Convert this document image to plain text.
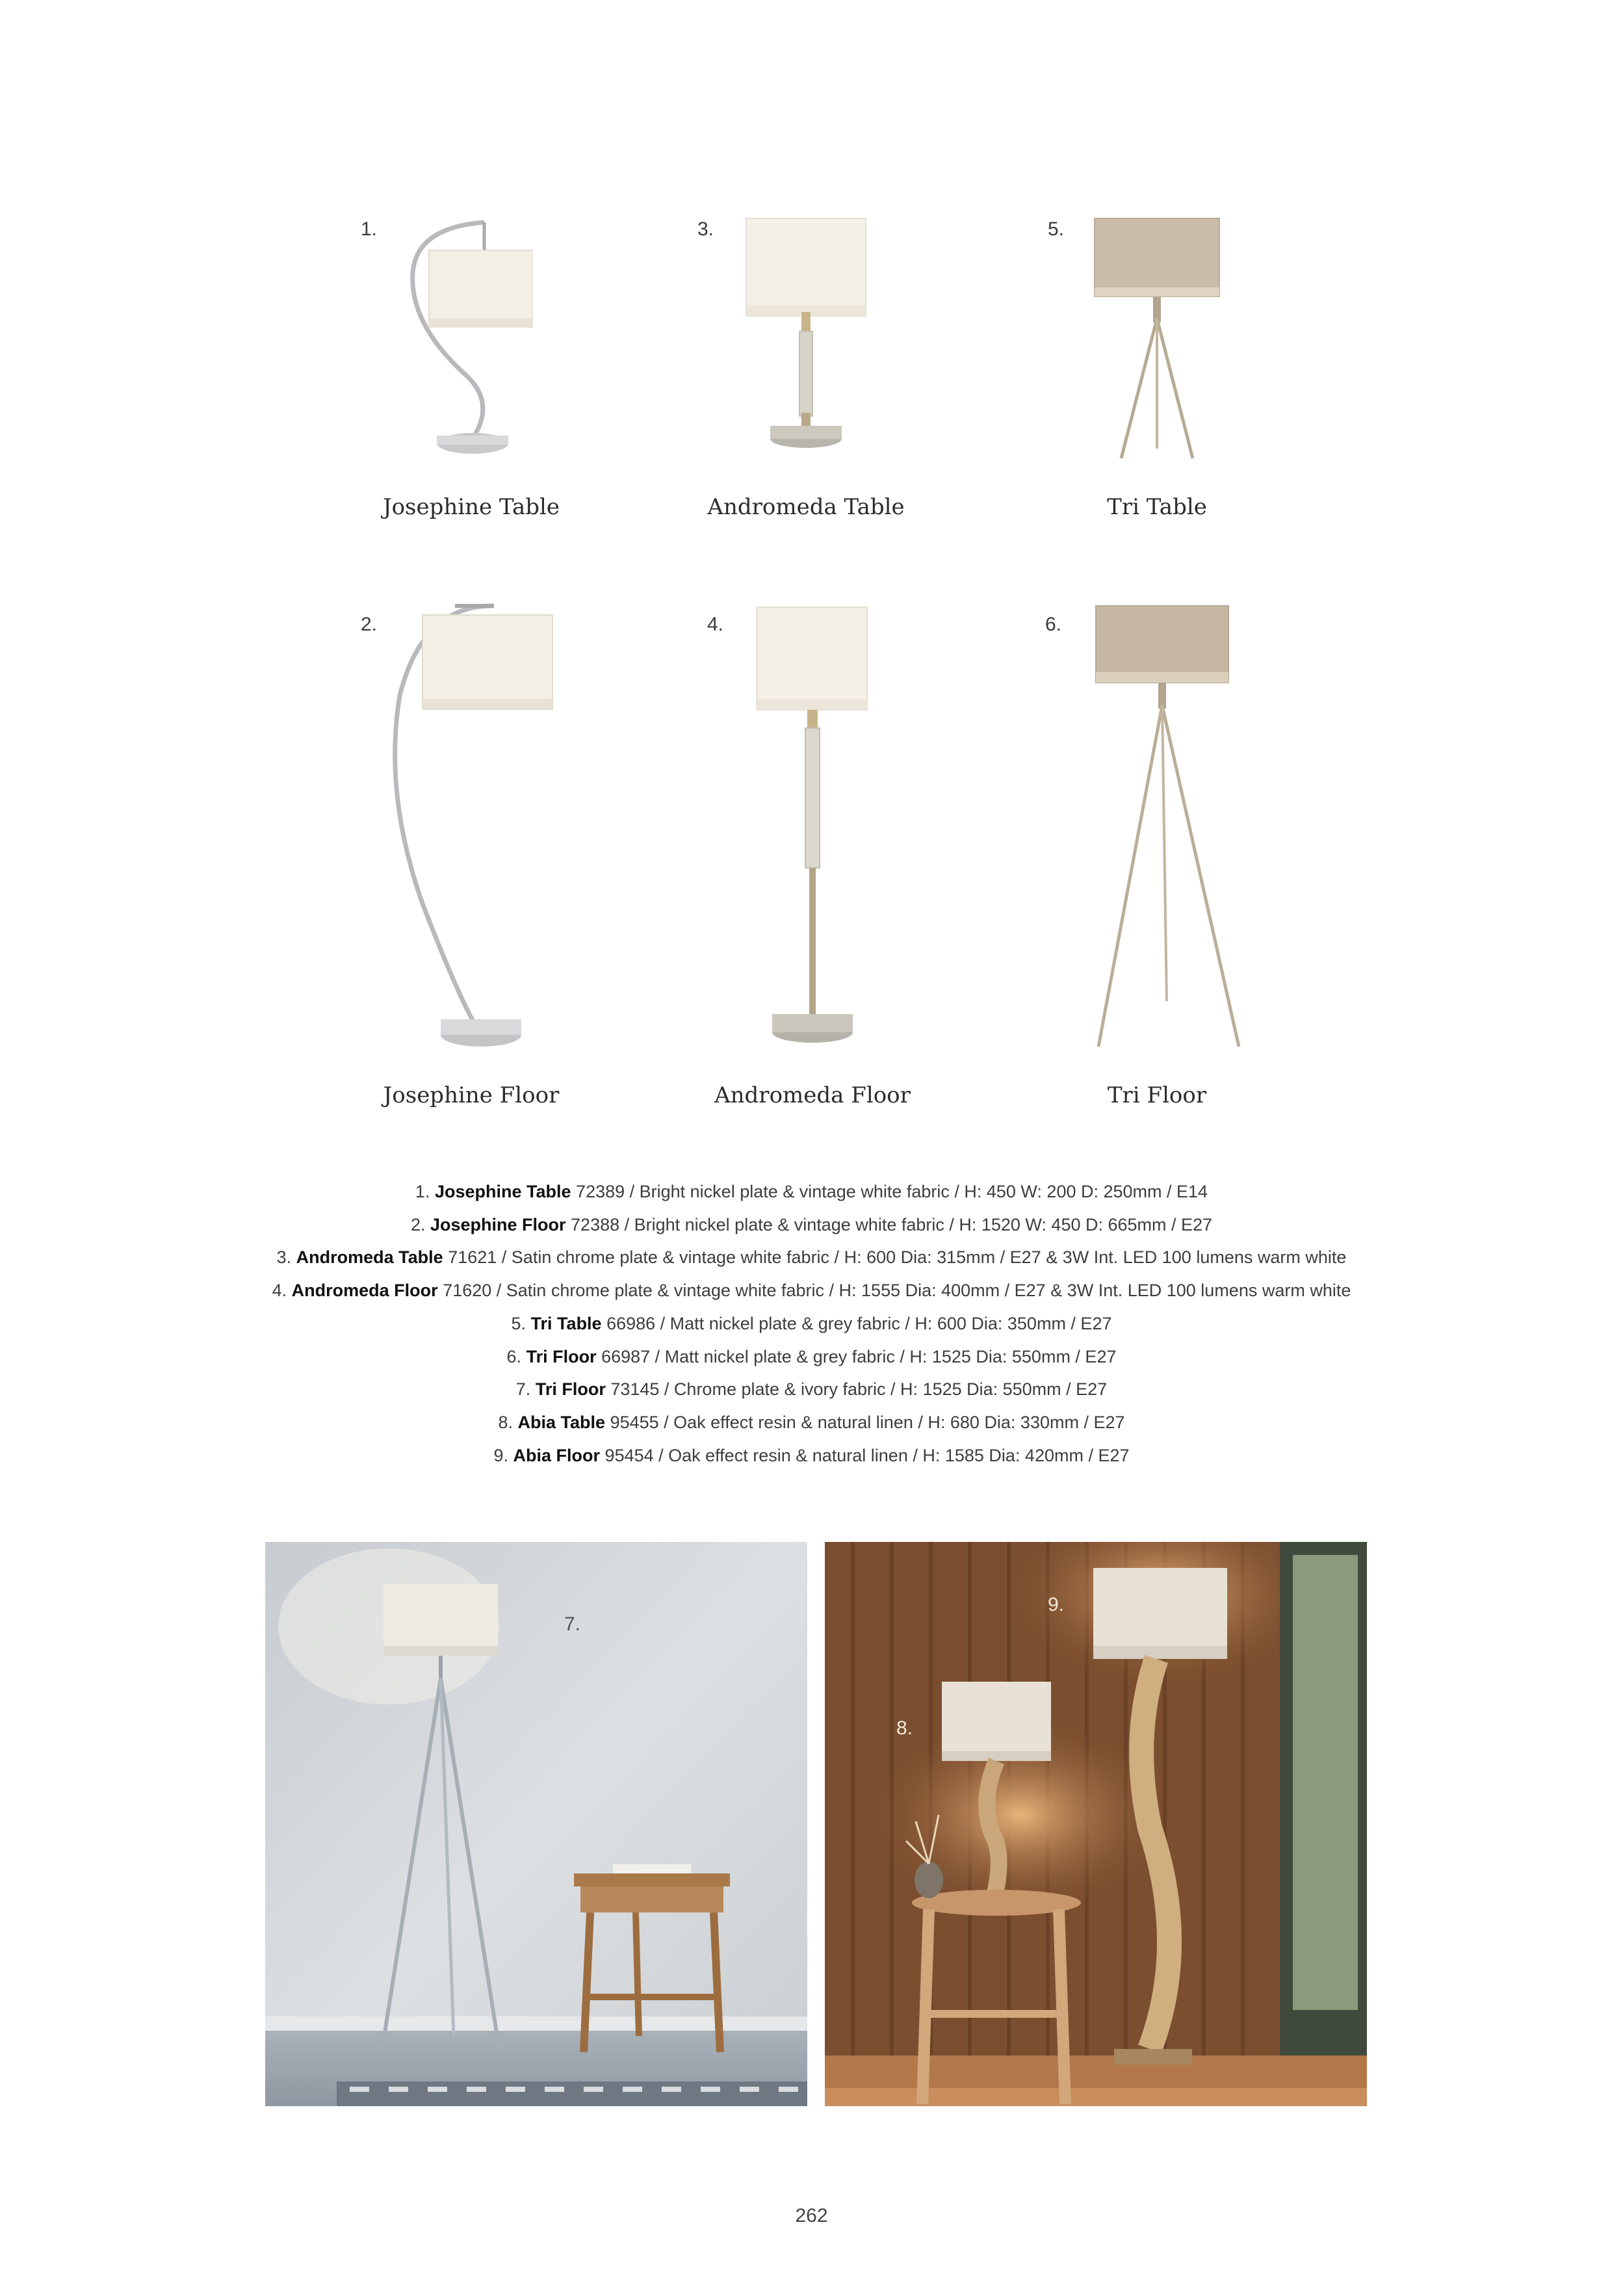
1.
Josephine Table
3.
Andromeda Table
5.
Tri Table
2.
Josephine Floor
4.
Andromeda Floor
6.
Tri Floor
1. Josephine Table 72389 / Bright nickel plate & vintage white fabric / H: 450 W: 200 D: 250mm / E14
2. Josephine Floor 72388 / Bright nickel plate & vintage white fabric / H: 1520 W: 450 D: 665mm / E27
3. Andromeda Table 71621 / Satin chrome plate & vintage white fabric / H: 600 Dia: 315mm / E27 & 3W Int. LED 100 lumens warm white
4. Andromeda Floor 71620 / Satin chrome plate & vintage white fabric / H: 1555 Dia: 400mm / E27 & 3W Int. LED 100 lumens warm white
5. Tri Table 66986 / Matt nickel plate & grey fabric / H: 600 Dia: 350mm / E27
6. Tri Floor 66987 / Matt nickel plate & grey fabric / H: 1525 Dia: 550mm / E27
7. Tri Floor 73145 / Chrome plate & ivory fabric / H: 1525 Dia: 550mm / E27
8. Abia Table 95455 / Oak effect resin & natural linen / H: 680 Dia: 330mm / E27
9. Abia Floor 95454 / Oak effect resin & natural linen / H: 1585 Dia: 420mm / E27
7.
9.
8.
262
